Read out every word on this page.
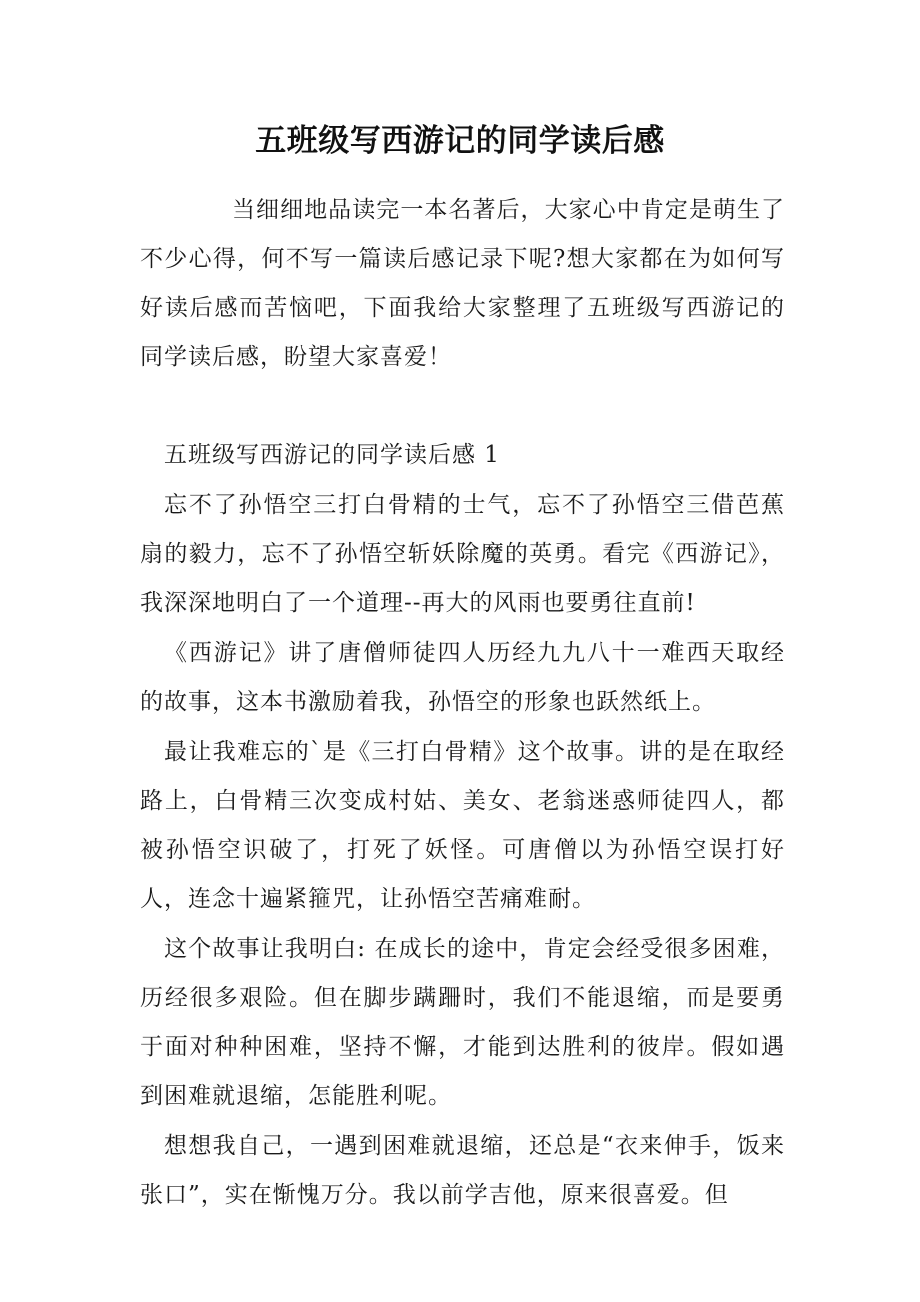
五班级写西游记的同学读后感

当细细地品读完一本名著后，大家心中肯定是萌生了不少心得，何不写一篇读后感记录下呢?想大家都在为如何写好读后感而苦恼吧，下面我给大家整理了五班级写西游记的同学读后感，盼望大家喜爱！

五班级写西游记的同学读后感 1

忘不了孙悟空三打白骨精的士气，忘不了孙悟空三借芭蕉扇的毅力，忘不了孙悟空斩妖除魔的英勇。看完《西游记》，我深深地明白了一个道理--再大的风雨也要勇往直前!

《西游记》讲了唐僧师徒四人历经九九八十一难西天取经的故事，这本书激励着我，孙悟空的形象也跃然纸上。

最让我难忘的`是《三打白骨精》这个故事。讲的是在取经路上，白骨精三次变成村姑、美女、老翁迷惑师徒四人，都被孙悟空识破了，打死了妖怪。可唐僧以为孙悟空误打好人，连念十遍紧箍咒，让孙悟空苦痛难耐。

这个故事让我明白: 在成长的途中，肯定会经受很多困难，历经很多艰险。但在脚步蹒跚时，我们不能退缩，而是要勇于面对种种困难，坚持不懈，才能到达胜利的彼岸。假如遇到困难就退缩，怎能胜利呢。

想想我自己，一遇到困难就退缩，还总是“衣来伸手，饭来张口”，实在惭愧万分。我以前学吉他，原来很喜爱。但
